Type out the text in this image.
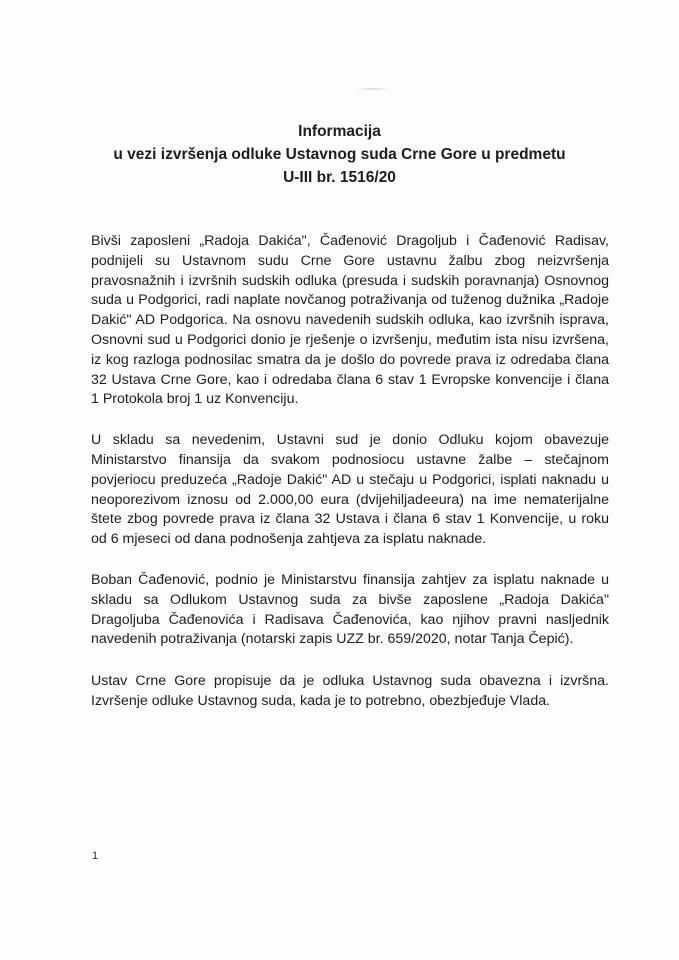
Informacija
u vezi izvršenja odluke Ustavnog suda Crne Gore u predmetu
U-III br. 1516/20

Bivši zaposleni „Radoja Dakića", Čađenović Dragoljub i Čađenović Radisav, podnijeli su Ustavnom sudu Crne Gore ustavnu žalbu zbog neizvršenja pravosnažnih i izvršnih sudskih odluka (presuda i sudskih poravnanja) Osnovnog suda u Podgorici, radi naplate novčanog potraživanja od tuženog dužnika „Radoje Dakić" AD Podgorica. Na osnovu navedenih sudskih odluka, kao izvršnih isprava, Osnovni sud u Podgorici donio je rješenje o izvršenju, međutim ista nisu izvršena, iz kog razloga podnosilac smatra da je došlo do povrede prava iz odredaba člana 32 Ustava Crne Gore, kao i odredaba člana 6 stav 1 Evropske konvencije i člana 1 Protokola broj 1 uz Konvenciju.

U skladu sa nevedenim, Ustavni sud je donio Odluku kojom obavezuje Ministarstvo finansija da svakom podnosiocu ustavne žalbe – stečajnom povjeriocu preduzeća „Radoje Dakić" AD u stečaju u Podgorici, isplati naknadu u neoporezivom iznosu od 2.000,00 eura (dvijehiljadeeura) na ime nematerijalne štete zbog povrede prava iz člana 32 Ustava i člana 6 stav 1 Konvencije, u roku od 6 mjeseci od dana podnošenja zahtjeva za isplatu naknade.

Boban Čađenović, podnio je Ministarstvu finansija zahtjev za isplatu naknade u skladu sa Odlukom Ustavnog suda za bivše zaposlene „Radoja Dakića" Dragoljuba Čađenovića i Radisava Čađenovića, kao njihov pravni nasljednik navedenih potraživanja (notarski zapis UZZ br. 659/2020, notar Tanja Čepić).

Ustav Crne Gore propisuje da je odluka Ustavnog suda obavezna i izvršna. Izvršenje odluke Ustavnog suda, kada je to potrebno, obezbjeđuje Vlada.

1
